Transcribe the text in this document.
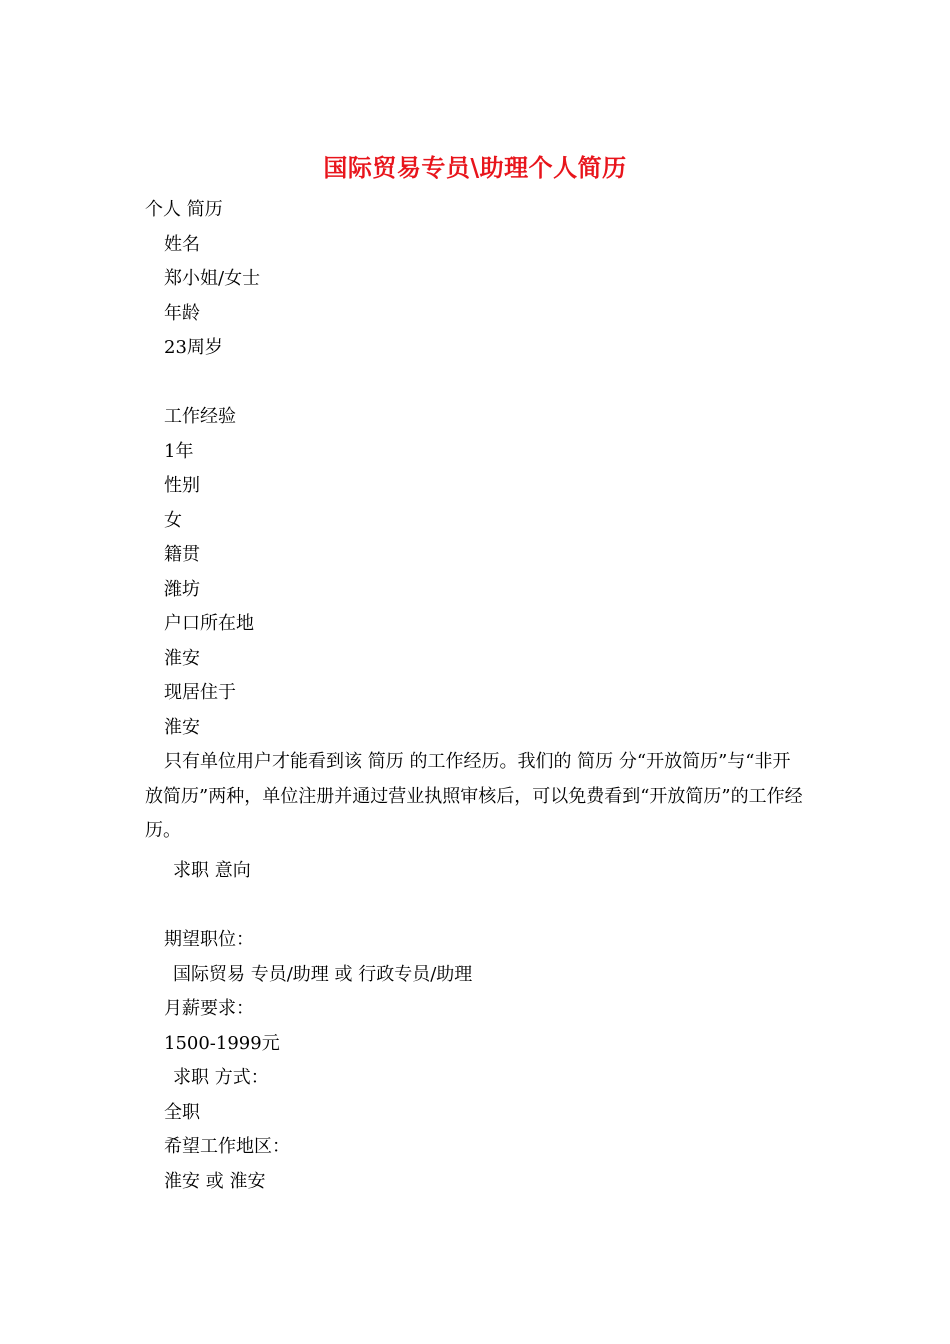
国际贸易专员\助理个人简历
个人 简历
姓名
郑小姐/女士
年龄
23周岁
工作经验
1年
性别
女
籍贯
潍坊
户口所在地
淮安
现居住于
淮安
只有单位用户才能看到该 简历 的工作经历。我们的 简历 分“开放简历”与“非开放简历”两种，单位注册并通过营业执照审核后，可以免费看到“开放简历”的工作经历。
求职 意向
期望职位：
国际贸易 专员/助理 或 行政专员/助理
月薪要求：
1500-1999元
求职 方式：
全职
希望工作地区：
淮安 或 淮安
